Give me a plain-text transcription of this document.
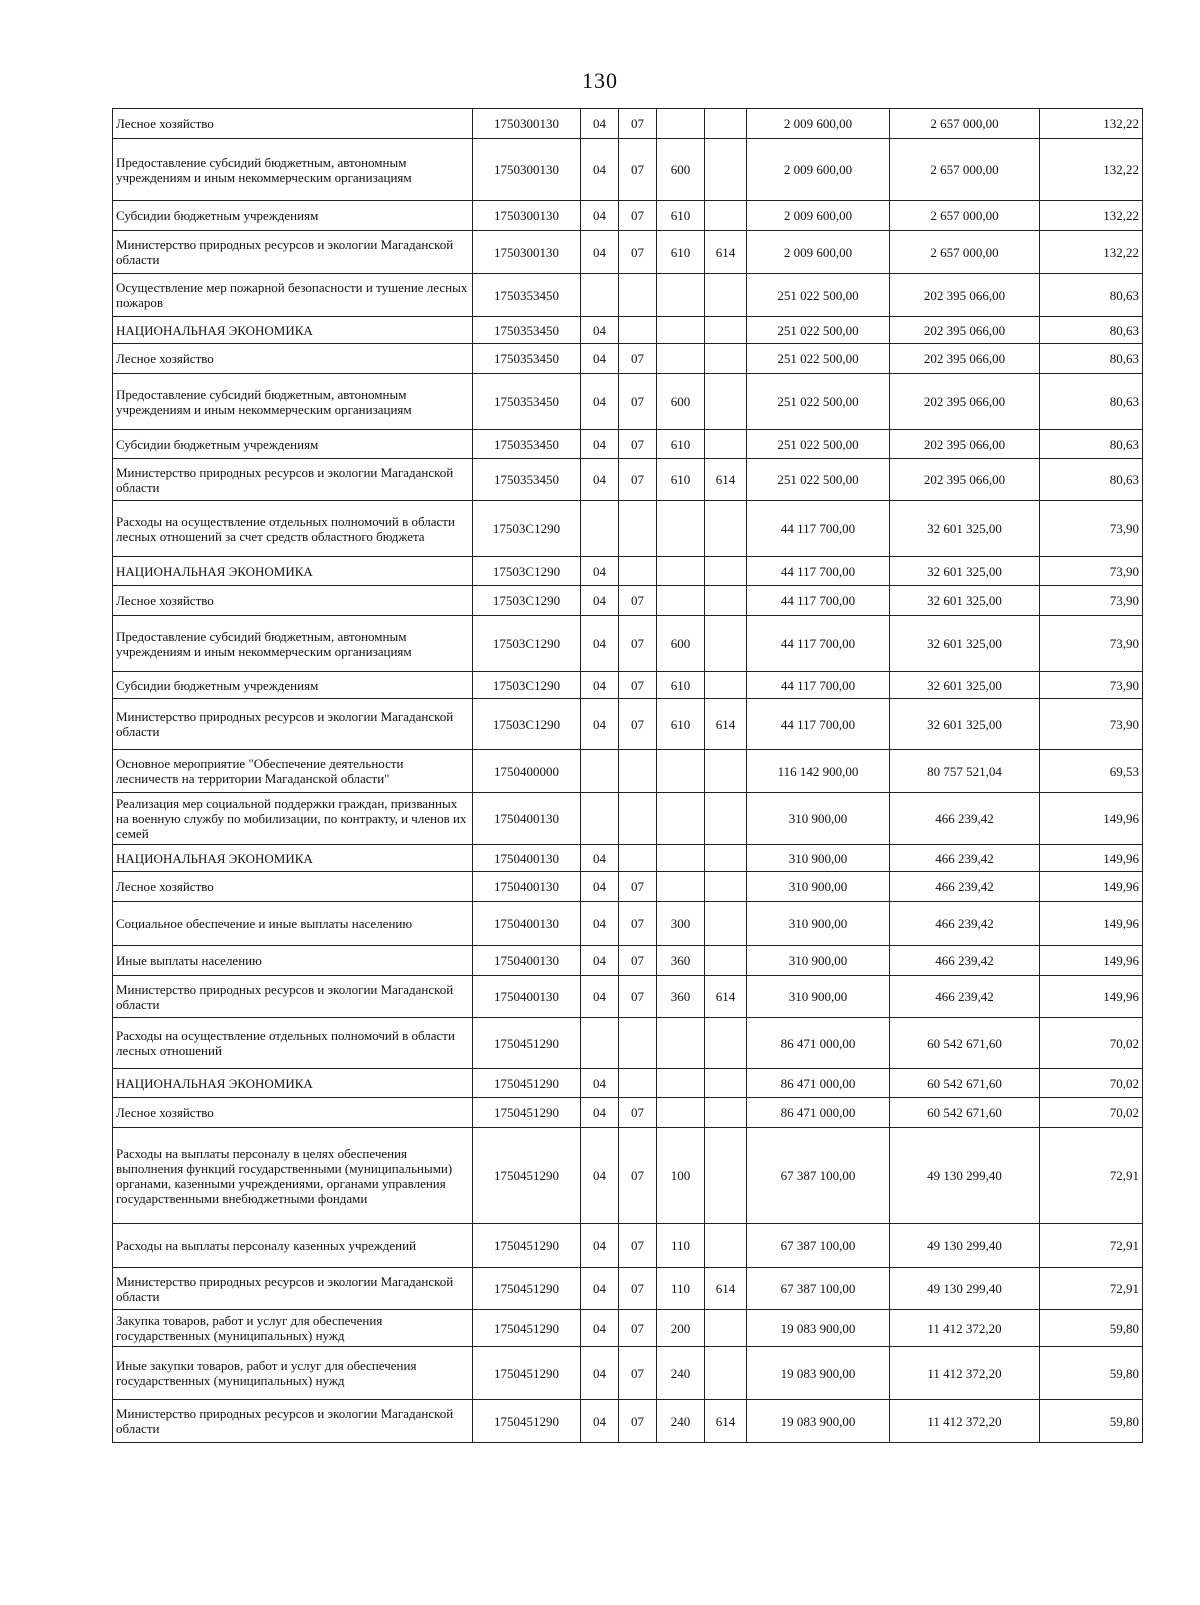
130
Лесное хозяйство	1750300130	04	07			2 009 600,00	2 657 000,00	132,22
Предоставление субсидий бюджетным, автономным учреждениям и иным некоммерческим организациям	1750300130	04	07	600		2 009 600,00	2 657 000,00	132,22
Субсидии бюджетным учреждениям	1750300130	04	07	610		2 009 600,00	2 657 000,00	132,22
Министерство природных ресурсов и экологии Магаданской области	1750300130	04	07	610	614	2 009 600,00	2 657 000,00	132,22
Осуществление мер пожарной безопасности и тушение лесных пожаров	1750353450					251 022 500,00	202 395 066,00	80,63
НАЦИОНАЛЬНАЯ ЭКОНОМИКА	1750353450	04				251 022 500,00	202 395 066,00	80,63
Лесное хозяйство	1750353450	04	07			251 022 500,00	202 395 066,00	80,63
Предоставление субсидий бюджетным, автономным учреждениям и иным некоммерческим организациям	1750353450	04	07	600		251 022 500,00	202 395 066,00	80,63
Субсидии бюджетным учреждениям	1750353450	04	07	610		251 022 500,00	202 395 066,00	80,63
Министерство природных ресурсов и экологии Магаданской области	1750353450	04	07	610	614	251 022 500,00	202 395 066,00	80,63
Расходы на осуществление отдельных полномочий в области лесных отношений за счет средств областного бюджета	17503С1290					44 117 700,00	32 601 325,00	73,90
НАЦИОНАЛЬНАЯ ЭКОНОМИКА	17503С1290	04				44 117 700,00	32 601 325,00	73,90
Лесное хозяйство	17503С1290	04	07			44 117 700,00	32 601 325,00	73,90
Предоставление субсидий бюджетным, автономным учреждениям и иным некоммерческим организациям	17503С1290	04	07	600		44 117 700,00	32 601 325,00	73,90
Субсидии бюджетным учреждениям	17503С1290	04	07	610		44 117 700,00	32 601 325,00	73,90
Министерство природных ресурсов и экологии Магаданской области	17503С1290	04	07	610	614	44 117 700,00	32 601 325,00	73,90
Основное мероприятие "Обеспечение деятельности лесничеств на территории Магаданской области"	1750400000					116 142 900,00	80 757 521,04	69,53
Реализация мер социальной поддержки граждан, призванных на военную службу по мобилизации, по контракту, и членов их семей	1750400130					310 900,00	466 239,42	149,96
НАЦИОНАЛЬНАЯ ЭКОНОМИКА	1750400130	04				310 900,00	466 239,42	149,96
Лесное хозяйство	1750400130	04	07			310 900,00	466 239,42	149,96
Социальное обеспечение и иные выплаты населению	1750400130	04	07	300		310 900,00	466 239,42	149,96
Иные выплаты населению	1750400130	04	07	360		310 900,00	466 239,42	149,96
Министерство природных ресурсов и экологии Магаданской области	1750400130	04	07	360	614	310 900,00	466 239,42	149,96
Расходы на осуществление отдельных полномочий в области лесных отношений	1750451290					86 471 000,00	60 542 671,60	70,02
НАЦИОНАЛЬНАЯ ЭКОНОМИКА	1750451290	04				86 471 000,00	60 542 671,60	70,02
Лесное хозяйство	1750451290	04	07			86 471 000,00	60 542 671,60	70,02
Расходы на выплаты персоналу в целях обеспечения выполнения функций государственными (муниципальными) органами, казенными учреждениями, органами управления государственными внебюджетными фондами	1750451290	04	07	100		67 387 100,00	49 130 299,40	72,91
Расходы на выплаты персоналу казенных учреждений	1750451290	04	07	110		67 387 100,00	49 130 299,40	72,91
Министерство природных ресурсов и экологии Магаданской области	1750451290	04	07	110	614	67 387 100,00	49 130 299,40	72,91
Закупка товаров, работ и услуг для обеспечения государственных (муниципальных) нужд	1750451290	04	07	200		19 083 900,00	11 412 372,20	59,80
Иные закупки товаров, работ и услуг для обеспечения государственных (муниципальных) нужд	1750451290	04	07	240		19 083 900,00	11 412 372,20	59,80
Министерство природных ресурсов и экологии Магаданской области	1750451290	04	07	240	614	19 083 900,00	11 412 372,20	59,80
